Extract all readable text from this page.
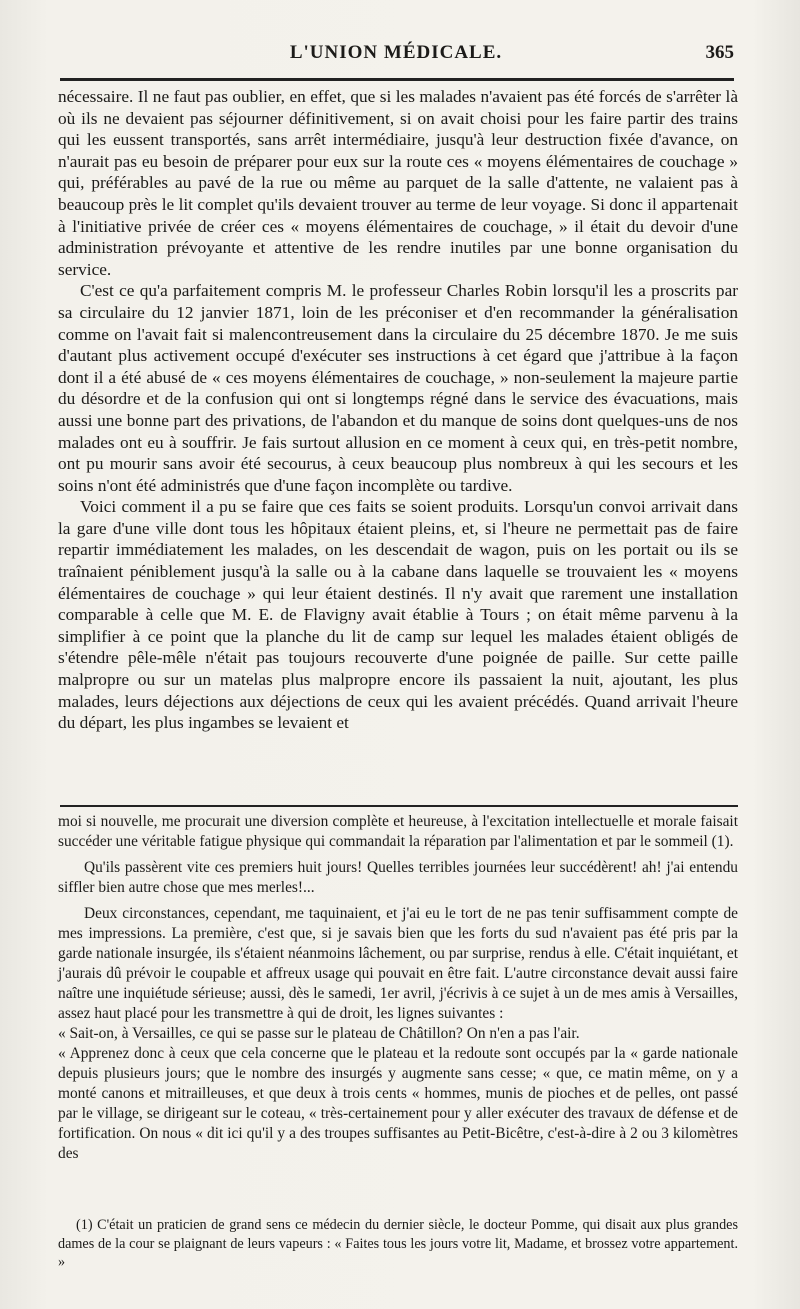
L'UNION MÉDICALE.	365

nécessaire. Il ne faut pas oublier, en effet, que si les malades n'avaient pas été forcés de s'arrêter là où ils ne devaient pas séjourner définitivement, si on avait choisi pour les faire partir des trains qui les eussent transportés, sans arrêt intermédiaire, jusqu'à leur destruction fixée d'avance, on n'aurait pas eu besoin de préparer pour eux sur la route ces « moyens élémentaires de couchage » qui, préférables au pavé de la rue ou même au parquet de la salle d'attente, ne valaient pas à beaucoup près le lit complet qu'ils devaient trouver au terme de leur voyage. Si donc il appartenait à l'initiative privée de créer ces « moyens élémentaires de couchage, » il était du devoir d'une administration prévoyante et attentive de les rendre inutiles par une bonne organisation du service.

C'est ce qu'a parfaitement compris M. le professeur Charles Robin lorsqu'il les a proscrits par sa circulaire du 12 janvier 1871, loin de les préconiser et d'en recommander la généralisation comme on l'avait fait si malencontreusement dans la circulaire du 25 décembre 1870. Je me suis d'autant plus activement occupé d'exécuter ses instructions à cet égard que j'attribue à la façon dont il a été abusé de « ces moyens élémentaires de couchage, » non-seulement la majeure partie du désordre et de la confusion qui ont si longtemps régné dans le service des évacuations, mais aussi une bonne part des privations, de l'abandon et du manque de soins dont quelques-uns de nos malades ont eu à souffrir. Je fais surtout allusion en ce moment à ceux qui, en très-petit nombre, ont pu mourir sans avoir été secourus, à ceux beaucoup plus nombreux à qui les secours et les soins n'ont été administrés que d'une façon incomplète ou tardive.

Voici comment il a pu se faire que ces faits se soient produits. Lorsqu'un convoi arrivait dans la gare d'une ville dont tous les hôpitaux étaient pleins, et, si l'heure ne permettait pas de faire repartir immédiatement les malades, on les descendait de wagon, puis on les portait ou ils se traînaient péniblement jusqu'à la salle ou à la cabane dans laquelle se trouvaient les « moyens élémentaires de couchage » qui leur étaient destinés. Il n'y avait que rarement une installation comparable à celle que M. E. de Flavigny avait établie à Tours ; on était même parvenu à la simplifier à ce point que la planche du lit de camp sur lequel les malades étaient obligés de s'étendre pêle-mêle n'était pas toujours recouverte d'une poignée de paille. Sur cette paille malpropre ou sur un matelas plus malpropre encore ils passaient la nuit, ajoutant, les plus malades, leurs déjections aux déjections de ceux qui les avaient précédés. Quand arrivait l'heure du départ, les plus ingambes se levaient et

moi si nouvelle, me procurait une diversion complète et heureuse, à l'excitation intellectuelle et morale faisait succéder une véritable fatigue physique qui commandait la réparation par l'alimentation et par le sommeil (1).

Qu'ils passèrent vite ces premiers huit jours! Quelles terribles journées leur succédèrent! ah! j'ai entendu siffler bien autre chose que mes merles!...

Deux circonstances, cependant, me taquinaient, et j'ai eu le tort de ne pas tenir suffisamment compte de mes impressions. La première, c'est que, si je savais bien que les forts du sud n'avaient pas été pris par la garde nationale insurgée, ils s'étaient néanmoins lâchement, ou par surprise, rendus à elle. C'était inquiétant, et j'aurais dû prévoir le coupable et affreux usage qui pouvait en être fait. L'autre circonstance devait aussi faire naître une inquiétude sérieuse; aussi, dès le samedi, 1er avril, j'écrivis à ce sujet à un de mes amis à Versailles, assez haut placé pour les transmettre à qui de droit, les lignes suivantes :

« Sait-on, à Versailles, ce qui se passe sur le plateau de Châtillon? On n'en a pas l'air.

« Apprenez donc à ceux que cela concerne que le plateau et la redoute sont occupés par la « garde nationale depuis plusieurs jours; que le nombre des insurgés y augmente sans cesse; « que, ce matin même, on y a monté canons et mitrailleuses, et que deux à trois cents « hommes, munis de pioches et de pelles, ont passé par le village, se dirigeant sur le coteau, « très-certainement pour y aller exécuter des travaux de défense et de fortification. On nous « dit ici qu'il y a des troupes suffisantes au Petit-Bicêtre, c'est-à-dire à 2 ou 3 kilomètres des

(1) C'était un praticien de grand sens ce médecin du dernier siècle, le docteur Pomme, qui disait aux plus grandes dames de la cour se plaignant de leurs vapeurs : « Faites tous les jours votre lit, Madame, et brossez votre appartement. »
